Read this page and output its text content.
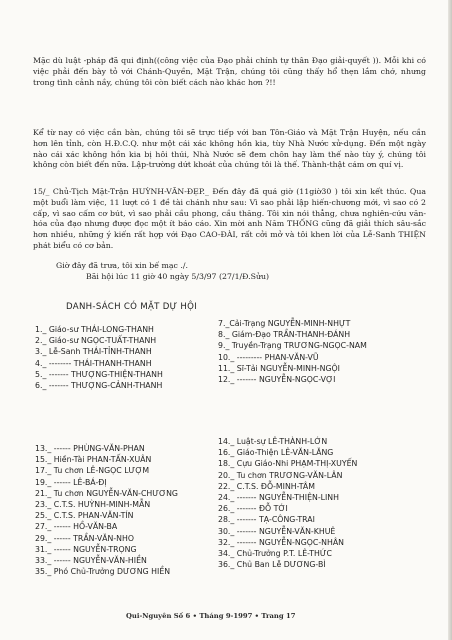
Mặc dù luật -pháp đã qui định((công việc của Đạo phải chính tự thân Đạo giải-quyết )). Mỗi khi có việc phải đến bày tỏ với Chánh-Quyền, Mặt Trận, chúng tôi cũng thấy hổ thẹn lắm chớ, nhưng trong tình cảnh nầy, chúng tôi còn biết cách nào khác hơn ?!!

Kể từ nay có việc cần bàn, chúng tôi sẽ trực tiếp với ban Tôn-Giáo và Mặt Trận Huyện, nếu cần hơn lên tỉnh, còn H.Đ.C.Q. như một cái xác không hồn kia, tùy Nhà Nước xử-dụng. Đến một ngày nào cái xác không hồn kia bị hôi thúi, Nhà Nước sẽ đem chôn hay làm thế nào tùy ý, chúng tôi không còn biết đến nữa. Lập-trường dứt khoát của chúng tôi là thế. Thành-thật cám ơn quí vị.

15/_ Chủ-Tịch Mặt-Trận HUỲNH-VĂN-ĐẸP._ Đến đây đã quá giờ (11giờ30 ) tôi xin kết thúc. Qua một buổi làm việc, 11 lượt có 1 đề tài chánh như sau: Vì sao phải lập hiến-chương mới, vì sao có 2 cấp, vì sao cấm cơ bút, vì sao phải cầu phong, cầu thăng. Tôi xin nói thẳng, chưa nghiên-cứu văn-hóa của đạo nhưng được đọc một ít báo cáo. Xin mời anh Năm THỐNG cũng đã giải thích sâu-sắc hơn nhiều, những ý kiến rất hợp với Đạo CAO-ĐÀI, rất cởi mở và tôi khen lời của Lễ-Sanh THIỆN phát biểu có cơ bản.

Giờ đây đã trưa, tôi xin bế mạc ./.
Bãi hội lúc 11 giờ 40 ngày 5/3/97 (27/1/Đ.Sửu)
DANH-SÁCH CÓ MẶT DỰ HỘI
1._ Giáo-sư THÁI-LONG-THANH
2._ Giáo-sư NGỌC-TUẤT-THANH
3._ Lễ-Sanh THÁI-TỈNH-THANH
4._ -------- THÁI-THANH-THANH
5._ ------- THƯỢNG-THIỆN-THANH
6._ ------- THƯỢNG-CẢNH-THANH
13._ ------ PHÙNG-VĂN-PHAN
15._ Hiền-Tài PHAN-TẤN-XUÂN
17._ Tu chơn LÊ-NGỌC LƯỢM
19._ ------ LÊ-BÁ-ĐỊ
21._ Tu chơn NGUYỄN-VĂN-CHƯƠNG
23._ C.T.S. HUỲNH-MINH-MẪN
25._ C.T.S. PHAN-VĂN-TÍN
27._ ------ HỒ-VĂN-BA
29._ ------ TRẦN-VĂN-NHO
31._ ------ NGUYỄN-TRỌNG
33._ ------ NGUYỄN-VĂN-HIỀN
35._ Phó Chủ-Trưởng DƯƠNG HIỀN
7._Cải-Trạng NGUYỄN-MINH-NHỰT
8._ Giám-Đạo TRẦN-THANH-ĐÁNH
9._ Truyền-Trạng TRƯƠNG-NGỌC-NAM
10._ --------- PHAN-VĂN-VŨ
11._ Sĩ-Tải NGUYỄN-MINH-NGỘI
12._ ------- NGUYỄN-NGỌC-VỢI
14._ Luật-sự LÊ-THÀNH-LỚN
16._ Giáo-Thiện LÊ-VĂN-LĂNG
18._ Cựu Giáo-Nhi PHẠM-THỊ-XUYẾN
20._ Tu chơn TRƯƠNG-VĂN-LÂN
22._ C.T.S. ĐỖ-MINH-TÂM
24._ ------- NGUYỄN-THIỆN-LINH
26._ ------- ĐỖ TỚI
28._ ------- TẠ-CÔNG-TRAI
30._ ------- NGUYỄN-VĂN-KHUÊ
32._ ------- NGUYỄN-NGỌC-NHÂN
34._ Chủ-Trưởng P.T. LÊ-THỨC
36._ Chủ Ban Lễ DƯƠNG-BÌ
Qui-Nguyên Số 6 • Tháng 9-1997 • Trang 17
